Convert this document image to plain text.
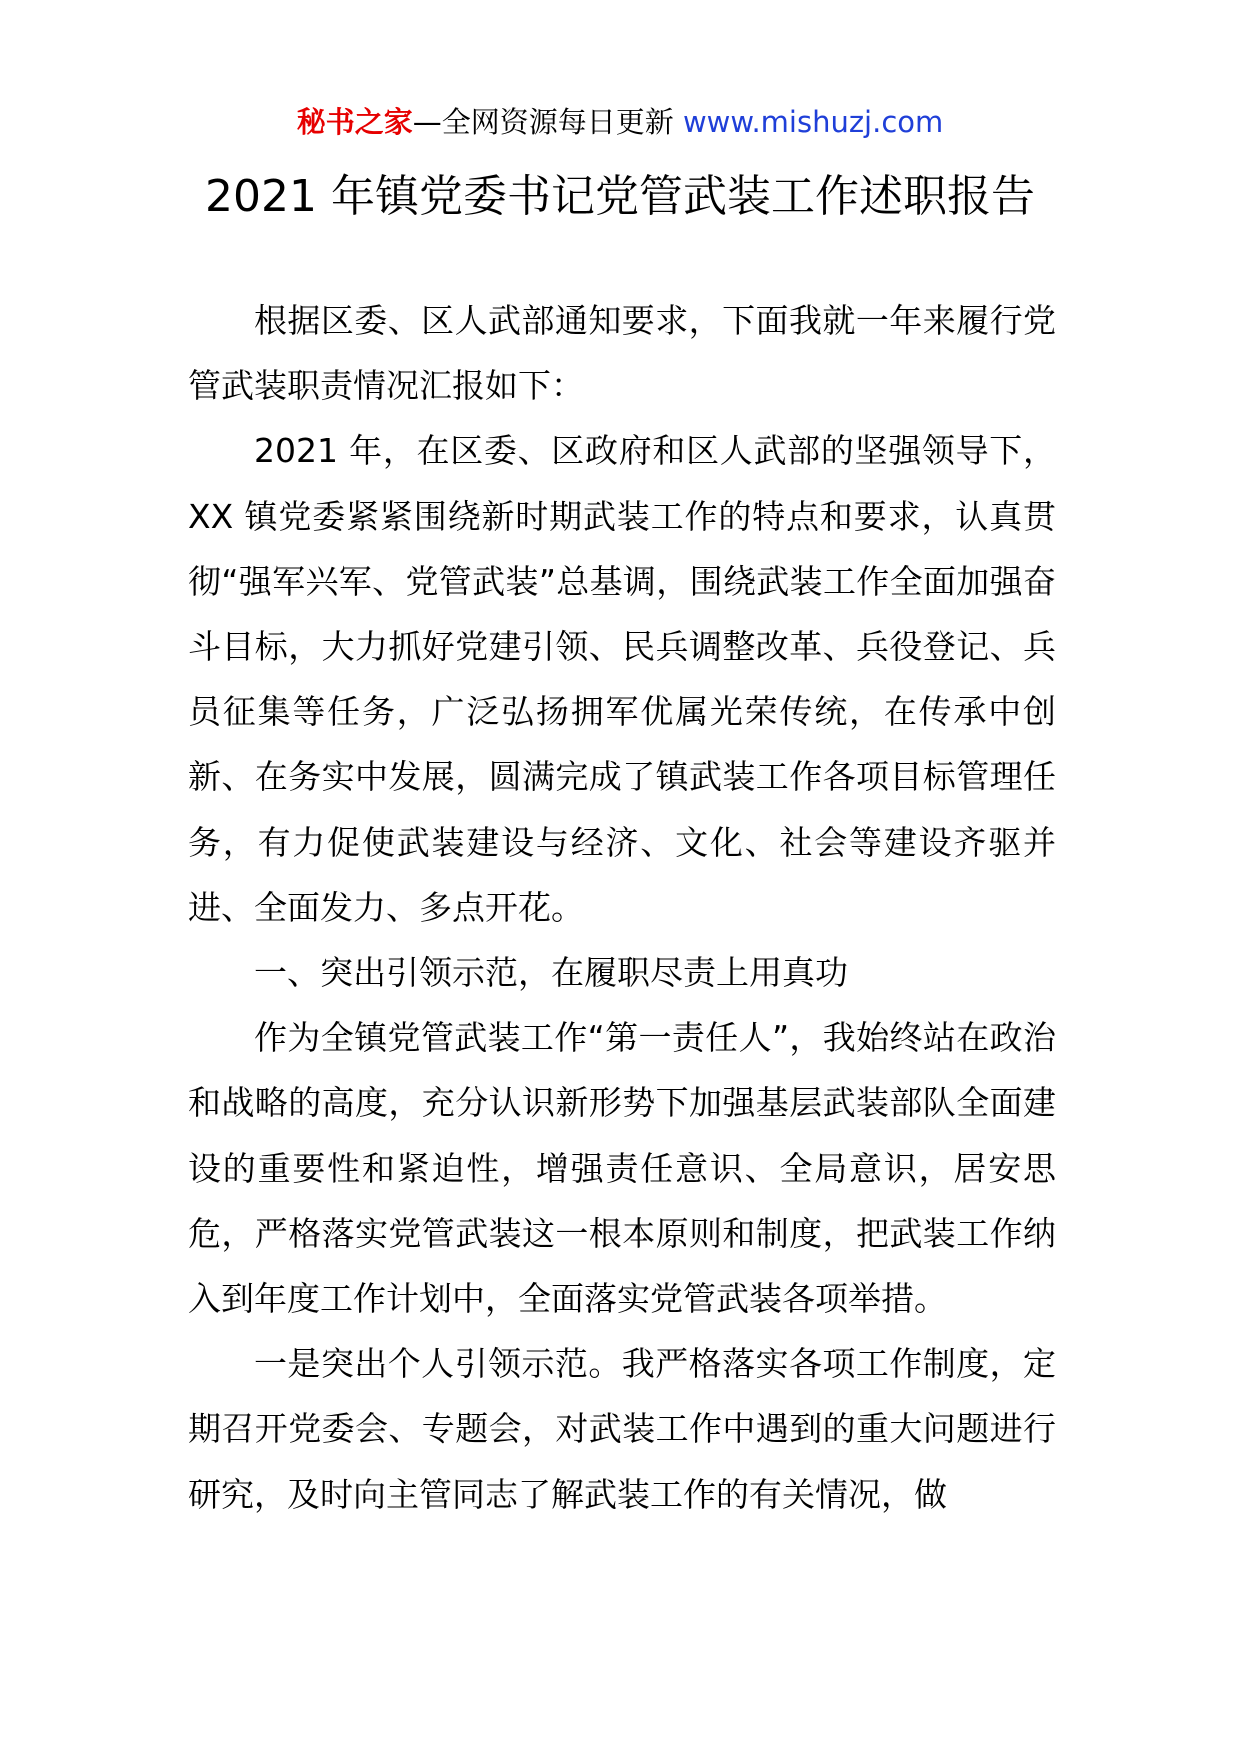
秘书之家—全网资源每日更新 www.mishuzj.com
2021 年镇党委书记党管武装工作述职报告

根据区委、区人武部通知要求，下面我就一年来履行党管武装职责情况汇报如下：

2021 年，在区委、区政府和区人武部的坚强领导下，XX 镇党委紧紧围绕新时期武装工作的特点和要求，认真贯彻“强军兴军、党管武装”总基调，围绕武装工作全面加强奋斗目标，大力抓好党建引领、民兵调整改革、兵役登记、兵员征集等任务，广泛弘扬拥军优属光荣传统，在传承中创新、在务实中发展，圆满完成了镇武装工作各项目标管理任务，有力促使武装建设与经济、文化、社会等建设齐驱并进、全面发力、多点开花。

一、突出引领示范，在履职尽责上用真功

作为全镇党管武装工作“第一责任人”，我始终站在政治和战略的高度，充分认识新形势下加强基层武装部队全面建设的重要性和紧迫性，增强责任意识、全局意识，居安思危，严格落实党管武装这一根本原则和制度，把武装工作纳入到年度工作计划中，全面落实党管武装各项举措。

一是突出个人引领示范。我严格落实各项工作制度，定期召开党委会、专题会，对武装工作中遇到的重大问题进行研究，及时向主管同志了解武装工作的有关情况，做
